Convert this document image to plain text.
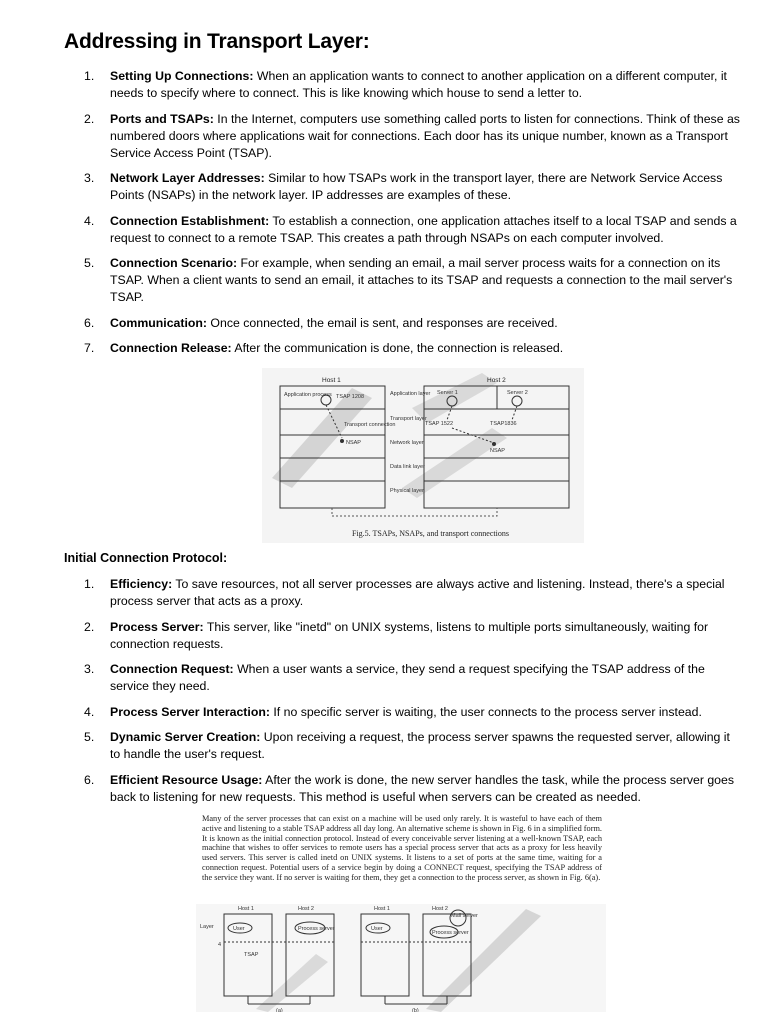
Addressing in Transport Layer:
1. Setting Up Connections: When an application wants to connect to another application on a different computer, it needs to specify where to connect. This is like knowing which house to send a letter to.
2. Ports and TSAPs: In the Internet, computers use something called ports to listen for connections. Think of these as numbered doors where applications wait for connections. Each door has its unique number, known as a Transport Service Access Point (TSAP).
3. Network Layer Addresses: Similar to how TSAPs work in the transport layer, there are Network Service Access Points (NSAPs) in the network layer. IP addresses are examples of these.
4. Connection Establishment: To establish a connection, one application attaches itself to a local TSAP and sends a request to connect to a remote TSAP. This creates a path through NSAPs on each computer involved.
5. Connection Scenario: For example, when sending an email, a mail server process waits for a connection on its TSAP. When a client wants to send an email, it attaches to its TSAP and requests a connection to the mail server's TSAP.
6. Communication: Once connected, the email is sent, and responses are received.
7. Connection Release: After the communication is done, the connection is released.
Host 1	Host 2
Application layer
Transport layer
Network layer
Data link layer
Physical layer
Application process TSAP 1208
Transport connection
NSAP
Server 1	Server 2
TSAP 1522	TSAP1836
NSAP
Fig.5. TSAPs, NSAPs, and transport connections

Initial Connection Protocol:

1. Efficiency: To save resources, not all server processes are always active and listening. Instead, there's a special process server that acts as a proxy.
2. Process Server: This server, like "inetd" on UNIX systems, listens to multiple ports simultaneously, waiting for connection requests.
3. Connection Request: When a user wants a service, they send a request specifying the TSAP address of the service they need.
4. Process Server Interaction: If no specific server is waiting, the user connects to the process server instead.
5. Dynamic Server Creation: Upon receiving a request, the process server spawns the requested server, allowing it to handle the user's request.
6. Efficient Resource Usage: After the work is done, the new server handles the task, while the process server goes back to listening for new requests. This method is useful when servers can be created as needed.
Many of the server processes that can exist on a machine will be used only rarely. It is wasteful to have each of them active and listening to a stable TSAP address all day long. An alternative scheme is shown in Fig. 6 in a simplified form. It is known as the initial connection protocol. Instead of every conceivable server listening at a well-known TSAP, each machine that wishes to offer services to remote users has a special process server that acts as a proxy for less heavily used servers. This server is called inetd on UNIX systems. It listens to a set of ports at the same time, waiting for a connection request. Potential users of a service begin by doing a CONNECT request, specifying the TSAP address of the service they want. If no server is waiting for them, they get a connection to the process server, as shown in Fig. 6(a).
Host 1	Host 2	Host 1	Host 2
Layer
4
User	Process server
TSAP
User
Process server
Mail server
(a)	(b)
